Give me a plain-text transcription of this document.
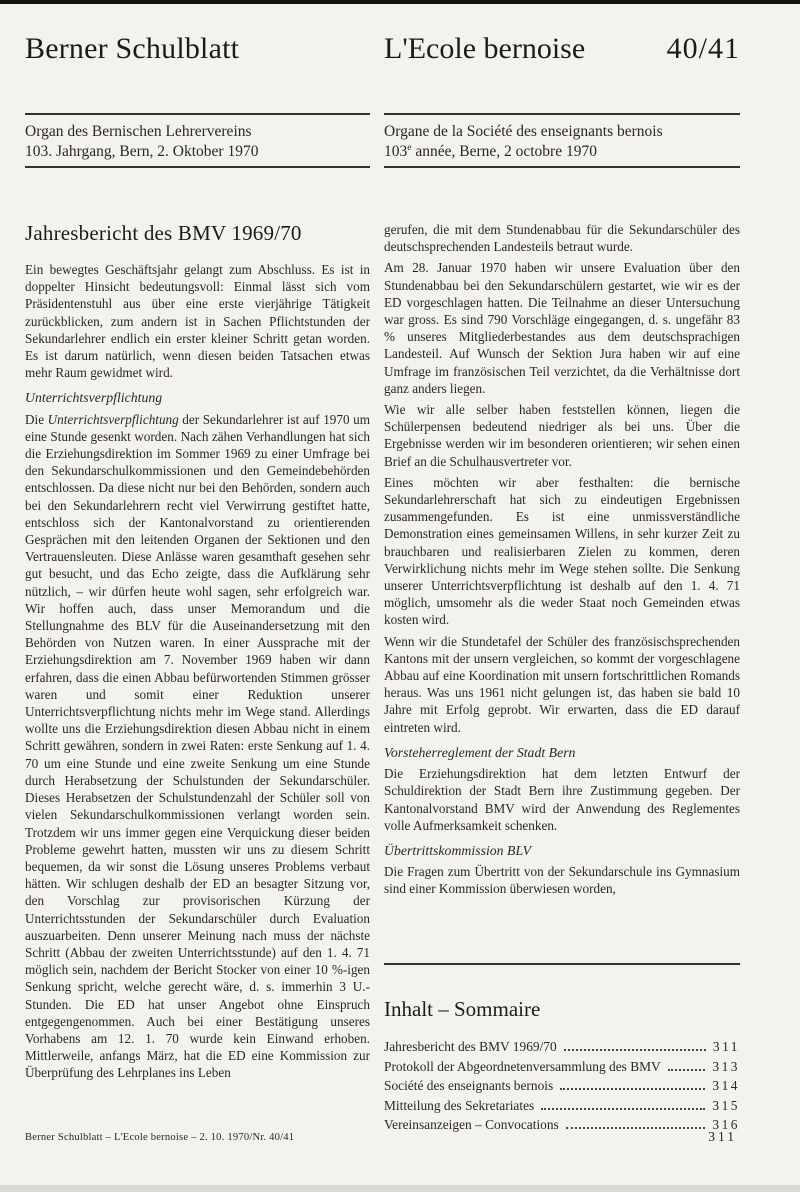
Berner Schulblatt	L'Ecole bernoise	40/41
Organ des Bernischen Lehrervereins
103. Jahrgang, Bern, 2. Oktober 1970
Organe de la Société des enseignants bernois
103e année, Berne, 2 octobre 1970
Jahresbericht des BMV 1969/70

Ein bewegtes Geschäftsjahr gelangt zum Abschluss. Es ist in doppelter Hinsicht bedeutungsvoll: Einmal lässt sich vom Präsidentenstuhl aus über eine erste vierjährige Tätigkeit zurückblicken, zum andern ist in Sachen Pflichtstunden der Sekundarlehrer endlich ein erster kleiner Schritt getan worden. Es ist darum natürlich, wenn diesen beiden Tatsachen etwas mehr Raum gewidmet wird.

Unterrichtsverpflichtung

Die Unterrichtsverpflichtung der Sekundarlehrer ist auf 1970 um eine Stunde gesenkt worden. Nach zähen Verhandlungen hat sich die Erziehungsdirektion im Sommer 1969 zu einer Umfrage bei den Sekundarschulkommissionen und den Gemeindebehörden entschlossen. Da diese nicht nur bei den Behörden, sondern auch bei den Sekundarlehrern recht viel Verwirrung gestiftet hatte, entschloss sich der Kantonalvorstand zu orientierenden Gesprächen mit den leitenden Organen der Sektionen und den Vertrauensleuten. Diese Anlässe waren gesamthaft gesehen sehr gut besucht, und das Echo zeigte, dass die Aufklärung sehr nützlich, – wir dürfen heute wohl sagen, sehr erfolgreich war. Wir hoffen auch, dass unser Memorandum und die Stellungnahme des BLV für die Auseinandersetzung mit den Behörden von Nutzen waren. In einer Aussprache mit der Erziehungsdirektion am 7. November 1969 haben wir dann erfahren, dass die einen Abbau befürwortenden Stimmen grösser waren und somit einer Reduktion unserer Unterrichtsverpflichtung nichts mehr im Wege stand. Allerdings wollte uns die Erziehungsdirektion diesen Abbau nicht in einem Schritt gewähren, sondern in zwei Raten: erste Senkung auf 1. 4. 70 um eine Stunde und eine zweite Senkung um eine Stunde durch Herabsetzung der Schulstunden der Sekundarschüler. Dieses Herabsetzen der Schulstundenzahl der Schüler soll von vielen Sekundarschulkommissionen verlangt worden sein. Trotzdem wir uns immer gegen eine Verquickung dieser beiden Probleme gewehrt hatten, mussten wir uns zu diesem Schritt bequemen, da wir sonst die Lösung unseres Problems verbaut hätten. Wir schlugen deshalb der ED an besagter Sitzung vor, den Vorschlag zur provisorischen Kürzung der Unterrichtsstunden der Sekundarschüler durch Evaluation auszuarbeiten. Denn unserer Meinung nach muss der nächste Schritt (Abbau der zweiten Unterrichtsstunde) auf den 1. 4. 71 möglich sein, nachdem der Bericht Stocker von einer 10 %-igen Senkung spricht, welche gerecht wäre, d. s. immerhin 3 U.-Stunden. Die ED hat unser Angebot ohne Einspruch entgegengenommen. Auch bei einer Bestätigung unseres Vorhabens am 12. 1. 70 wurde kein Einwand erhoben. Mittlerweile, anfangs März, hat die ED eine Kommission zur Überprüfung des Lehrplanes ins Leben

gerufen, die mit dem Stundenabbau für die Sekundarschüler des deutschsprechenden Landesteils betraut wurde.

Am 28. Januar 1970 haben wir unsere Evaluation über den Stundenabbau bei den Sekundarschülern gestartet, wie wir es der ED vorgeschlagen hatten. Die Teilnahme an dieser Untersuchung war gross. Es sind 790 Vorschläge eingegangen, d. s. ungefähr 83 % unseres Mitgliederbestandes aus dem deutschsprachigen Landesteil. Auf Wunsch der Sektion Jura haben wir auf eine Umfrage im französischen Teil verzichtet, da die Verhältnisse dort ganz anders liegen.

Wie wir alle selber haben feststellen können, liegen die Schülerpensen bedeutend niedriger als bei uns. Über die Ergebnisse werden wir im besonderen orientieren; wir sehen einen Brief an die Schulhausvertreter vor.

Eines möchten wir aber festhalten: die bernische Sekundarlehrerschaft hat sich zu eindeutigen Ergebnissen zusammengefunden. Es ist eine unmissverständliche Demonstration eines gemeinsamen Willens, in sehr kurzer Zeit zu brauchbaren und realisierbaren Zielen zu kommen, deren Verwirklichung nichts mehr im Wege stehen sollte. Die Senkung unserer Unterrichtsverpflichtung ist deshalb auf den 1. 4. 71 möglich, umsomehr als die weder Staat noch Gemeinden etwas kosten wird.

Wenn wir die Stundetafel der Schüler des französischsprechenden Kantons mit der unsern vergleichen, so kommt der vorgeschlagene Abbau auf eine Koordination mit unsern fortschrittlichen Romands heraus. Was uns 1961 nicht gelungen ist, das haben sie bald 10 Jahre mit Erfolg geprobt. Wir erwarten, dass die ED darauf eintreten wird.

Vorsteherreglement der Stadt Bern

Die Erziehungsdirektion hat dem letzten Entwurf der Schuldirektion der Stadt Bern ihre Zustimmung gegeben. Der Kantonalvorstand BMV wird der Anwendung des Reglementes volle Aufmerksamkeit schenken.

Übertrittskommission BLV

Die Fragen zum Übertritt von der Sekundarschule ins Gymnasium sind einer Kommission überwiesen worden,

Inhalt – Sommaire
Jahresbericht des BMV 1969/70	311
Protokoll der Abgeordnetenversammlung des BMV	313
Société des enseignants bernois	314
Mitteilung des Sekretariates	315
Vereinsanzeigen – Convocations	316
Berner Schulblatt – L'Ecole bernoise – 2. 10. 1970/Nr. 40/41	311
